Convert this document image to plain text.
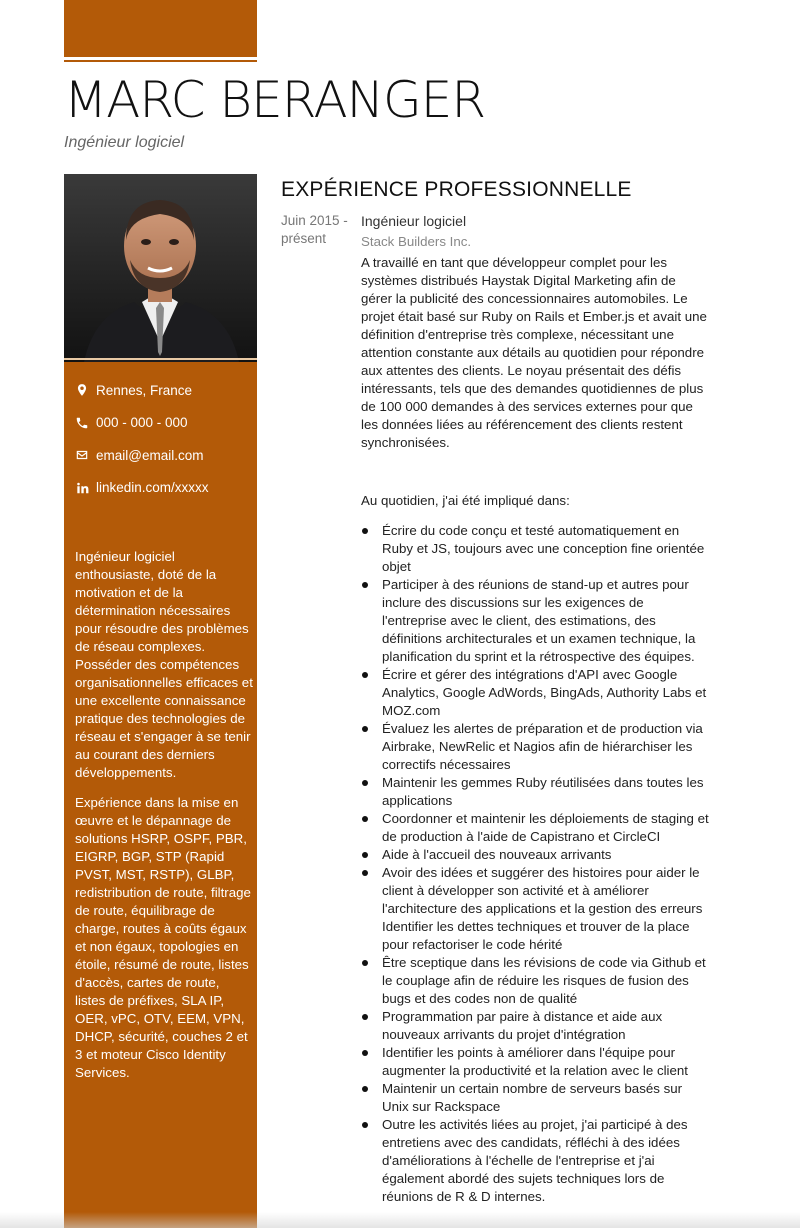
MARC BERANGER
Ingénieur logiciel
Rennes, France
000 - 000 - 000
email@email.com
linkedin.com/xxxxx

Ingénieur logiciel enthousiaste, doté de la motivation et de la détermination nécessaires pour résoudre des problèmes de réseau complexes. Posséder des compétences organisationnelles efficaces et une excellente connaissance pratique des technologies de réseau et s'engager à se tenir au courant des derniers développements.

Expérience dans la mise en œuvre et le dépannage de solutions HSRP, OSPF, PBR, EIGRP, BGP, STP (Rapid PVST, MST, RSTP), GLBP, redistribution de route, filtrage de route, équilibrage de charge, routes à coûts égaux et non égaux, topologies en étoile, résumé de route, listes d'accès, cartes de route, listes de préfixes, SLA IP, OER, vPC, OTV, EEM, VPN, DHCP, sécurité, couches 2 et 3 et moteur Cisco Identity Services.

EXPÉRIENCE PROFESSIONNELLE
Juin 2015 - présent
Ingénieur logiciel
Stack Builders Inc.

A travaillé en tant que développeur complet pour les systèmes distribués Haystak Digital Marketing afin de gérer la publicité des concessionnaires automobiles. Le projet était basé sur Ruby on Rails et Ember.js et avait une définition d'entreprise très complexe, nécessitant une attention constante aux détails au quotidien pour répondre aux attentes des clients. Le noyau présentait des défis intéressants, tels que des demandes quotidiennes de plus de 100 000 demandes à des services externes pour que les données liées au référencement des clients restent synchronisées.

Au quotidien, j'ai été impliqué dans:

Écrire du code conçu et testé automatiquement en Ruby et JS, toujours avec une conception fine orientée objet
Participer à des réunions de stand-up et autres pour inclure des discussions sur les exigences de l'entreprise avec le client, des estimations, des définitions architecturales et un examen technique, la planification du sprint et la rétrospective des équipes.
Écrire et gérer des intégrations d'API avec Google Analytics, Google AdWords, BingAds, Authority Labs et MOZ.com
Évaluez les alertes de préparation et de production via Airbrake, NewRelic et Nagios afin de hiérarchiser les correctifs nécessaires
Maintenir les gemmes Ruby réutilisées dans toutes les applications
Coordonner et maintenir les déploiements de staging et de production à l'aide de Capistrano et CircleCI
Aide à l'accueil des nouveaux arrivants
Avoir des idées et suggérer des histoires pour aider le client à développer son activité et à améliorer l'architecture des applications et la gestion des erreurs Identifier les dettes techniques et trouver de la place pour refactoriser le code hérité
Être sceptique dans les révisions de code via Github et le couplage afin de réduire les risques de fusion des bugs et des codes non de qualité
Programmation par paire à distance et aide aux nouveaux arrivants du projet d'intégration
Identifier les points à améliorer dans l'équipe pour augmenter la productivité et la relation avec le client
Maintenir un certain nombre de serveurs basés sur Unix sur Rackspace
Outre les activités liées au projet, j'ai participé à des entretiens avec des candidats, réfléchi à des idées d'améliorations à l'échelle de l'entreprise et j'ai également abordé des sujets techniques lors de réunions de R & D internes.
